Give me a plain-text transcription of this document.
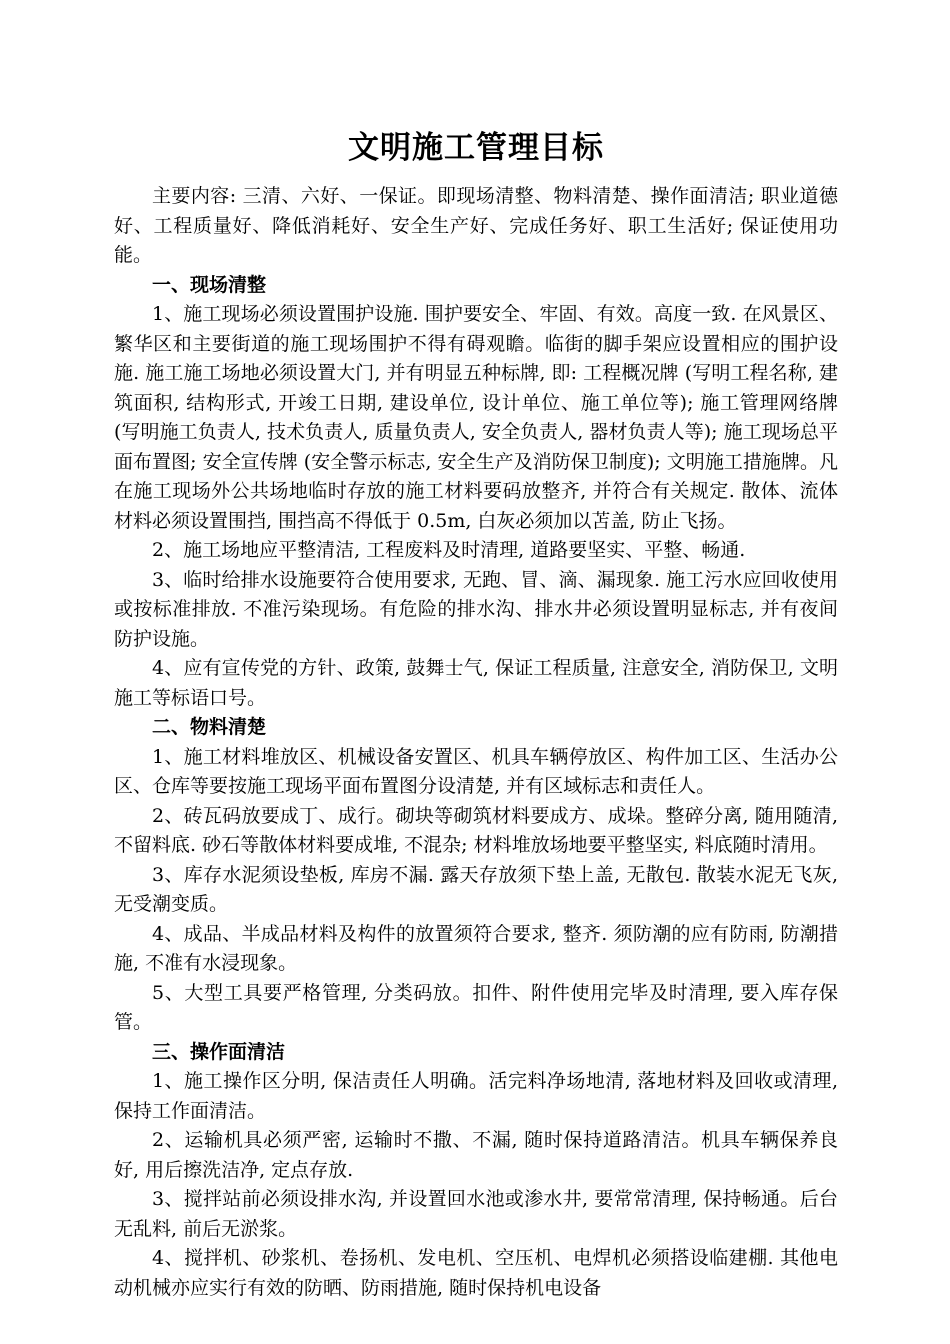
文明施工管理目标

主要内容: 三清、六好、一保证。即现场清整、物料清楚、操作面清洁; 职业道德好、工程质量好、降低消耗好、安全生产好、完成任务好、职工生活好; 保证使用功能。

一、现场清整

1、施工现场必须设置围护设施. 围护要安全、牢固、有效。高度一致. 在风景区、繁华区和主要街道的施工现场围护不得有碍观瞻。临街的脚手架应设置相应的围护设施. 施工施工场地必须设置大门, 并有明显五种标牌, 即: 工程概况牌 (写明工程名称, 建筑面积, 结构形式, 开竣工日期, 建设单位, 设计单位、施工单位等); 施工管理网络牌 (写明施工负责人, 技术负责人, 质量负责人, 安全负责人, 器材负责人等); 施工现场总平面布置图; 安全宣传牌 (安全警示标志, 安全生产及消防保卫制度); 文明施工措施牌。凡在施工现场外公共场地临时存放的施工材料要码放整齐, 并符合有关规定. 散体、流体材料必须设置围挡, 围挡高不得低于 0.5m, 白灰必须加以苫盖, 防止飞扬。

2、施工场地应平整清洁, 工程废料及时清理, 道路要坚实、平整、畅通.

3、临时给排水设施要符合使用要求, 无跑、冒、滴、漏现象. 施工污水应回收使用或按标准排放. 不准污染现场。有危险的排水沟、排水井必须设置明显标志, 并有夜间防护设施。

4、应有宣传党的方针、政策, 鼓舞士气, 保证工程质量, 注意安全, 消防保卫, 文明施工等标语口号。

二、物料清楚

1、施工材料堆放区、机械设备安置区、机具车辆停放区、构件加工区、生活办公区、仓库等要按施工现场平面布置图分设清楚, 并有区域标志和责任人。

2、砖瓦码放要成丁、成行。砌块等砌筑材料要成方、成垛。整碎分离, 随用随清, 不留料底. 砂石等散体材料要成堆, 不混杂; 材料堆放场地要平整坚实, 料底随时清用。

3、库存水泥须设垫板, 库房不漏. 露天存放须下垫上盖, 无散包. 散装水泥无飞灰, 无受潮变质。

4、成品、半成品材料及构件的放置须符合要求, 整齐. 须防潮的应有防雨, 防潮措施, 不准有水浸现象。

5、大型工具要严格管理, 分类码放。扣件、附件使用完毕及时清理, 要入库存保管。

三、操作面清洁

1、施工操作区分明, 保洁责任人明确。活完料净场地清, 落地材料及回收或清理, 保持工作面清洁。

2、运输机具必须严密, 运输时不撒、不漏, 随时保持道路清洁。机具车辆保养良好, 用后擦洗洁净, 定点存放.

3、搅拌站前必须设排水沟, 并设置回水池或渗水井, 要常常清理, 保持畅通。后台无乱料, 前后无淤浆。

4、搅拌机、砂浆机、卷扬机、发电机、空压机、电焊机必须搭设临建棚. 其他电动机械亦应实行有效的防晒、防雨措施, 随时保持机电设备
